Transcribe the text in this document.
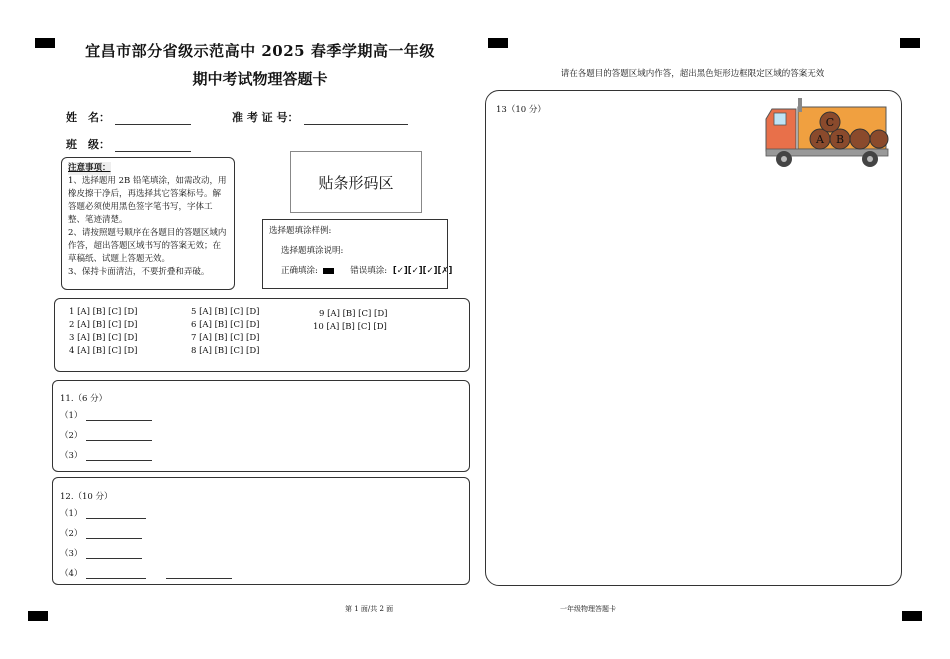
宜昌市部分省级示范高中 2025 春季学期高一年级
期中考试物理答题卡
姓　名：	准 考 证 号：
班　级：
注意事项：
1、选择题用 2B 铅笔填涂，如需改动，用橡皮擦干净后，再选择其它答案标号。解答题必须使用黑色签字笔书写，字体工整、笔迹清楚。
2、请按照题号顺序在各题目的答题区域内作答，超出答题区域书写的答案无效；在草稿纸、试题上答题无效。
3、保持卡面清洁，不要折叠和弄破。
贴条形码区
选择题填涂样例:
选择题填涂说明:
正确填涂:	错误填涂: [✓][✓][✓][✗]
1 [A] [B] [C] [D]
2 [A] [B] [C] [D]
3 [A] [B] [C] [D]
4 [A] [B] [C] [D]
5 [A] [B] [C] [D]
6 [A] [B] [C] [D]
7 [A] [B] [C] [D]
8 [A] [B] [C] [D]
9 [A] [B] [C] [D]
10 [A] [B] [C] [D]
11.（6 分）
（1）
（2）
（3）
12.（10 分）
（1）
（2）
（3）
（4）
请在各题目的答题区域内作答，超出黑色矩形边框限定区域的答案无效
13（10 分）
A B
C
第 1 面/共 2 面	一年级物理答题卡
